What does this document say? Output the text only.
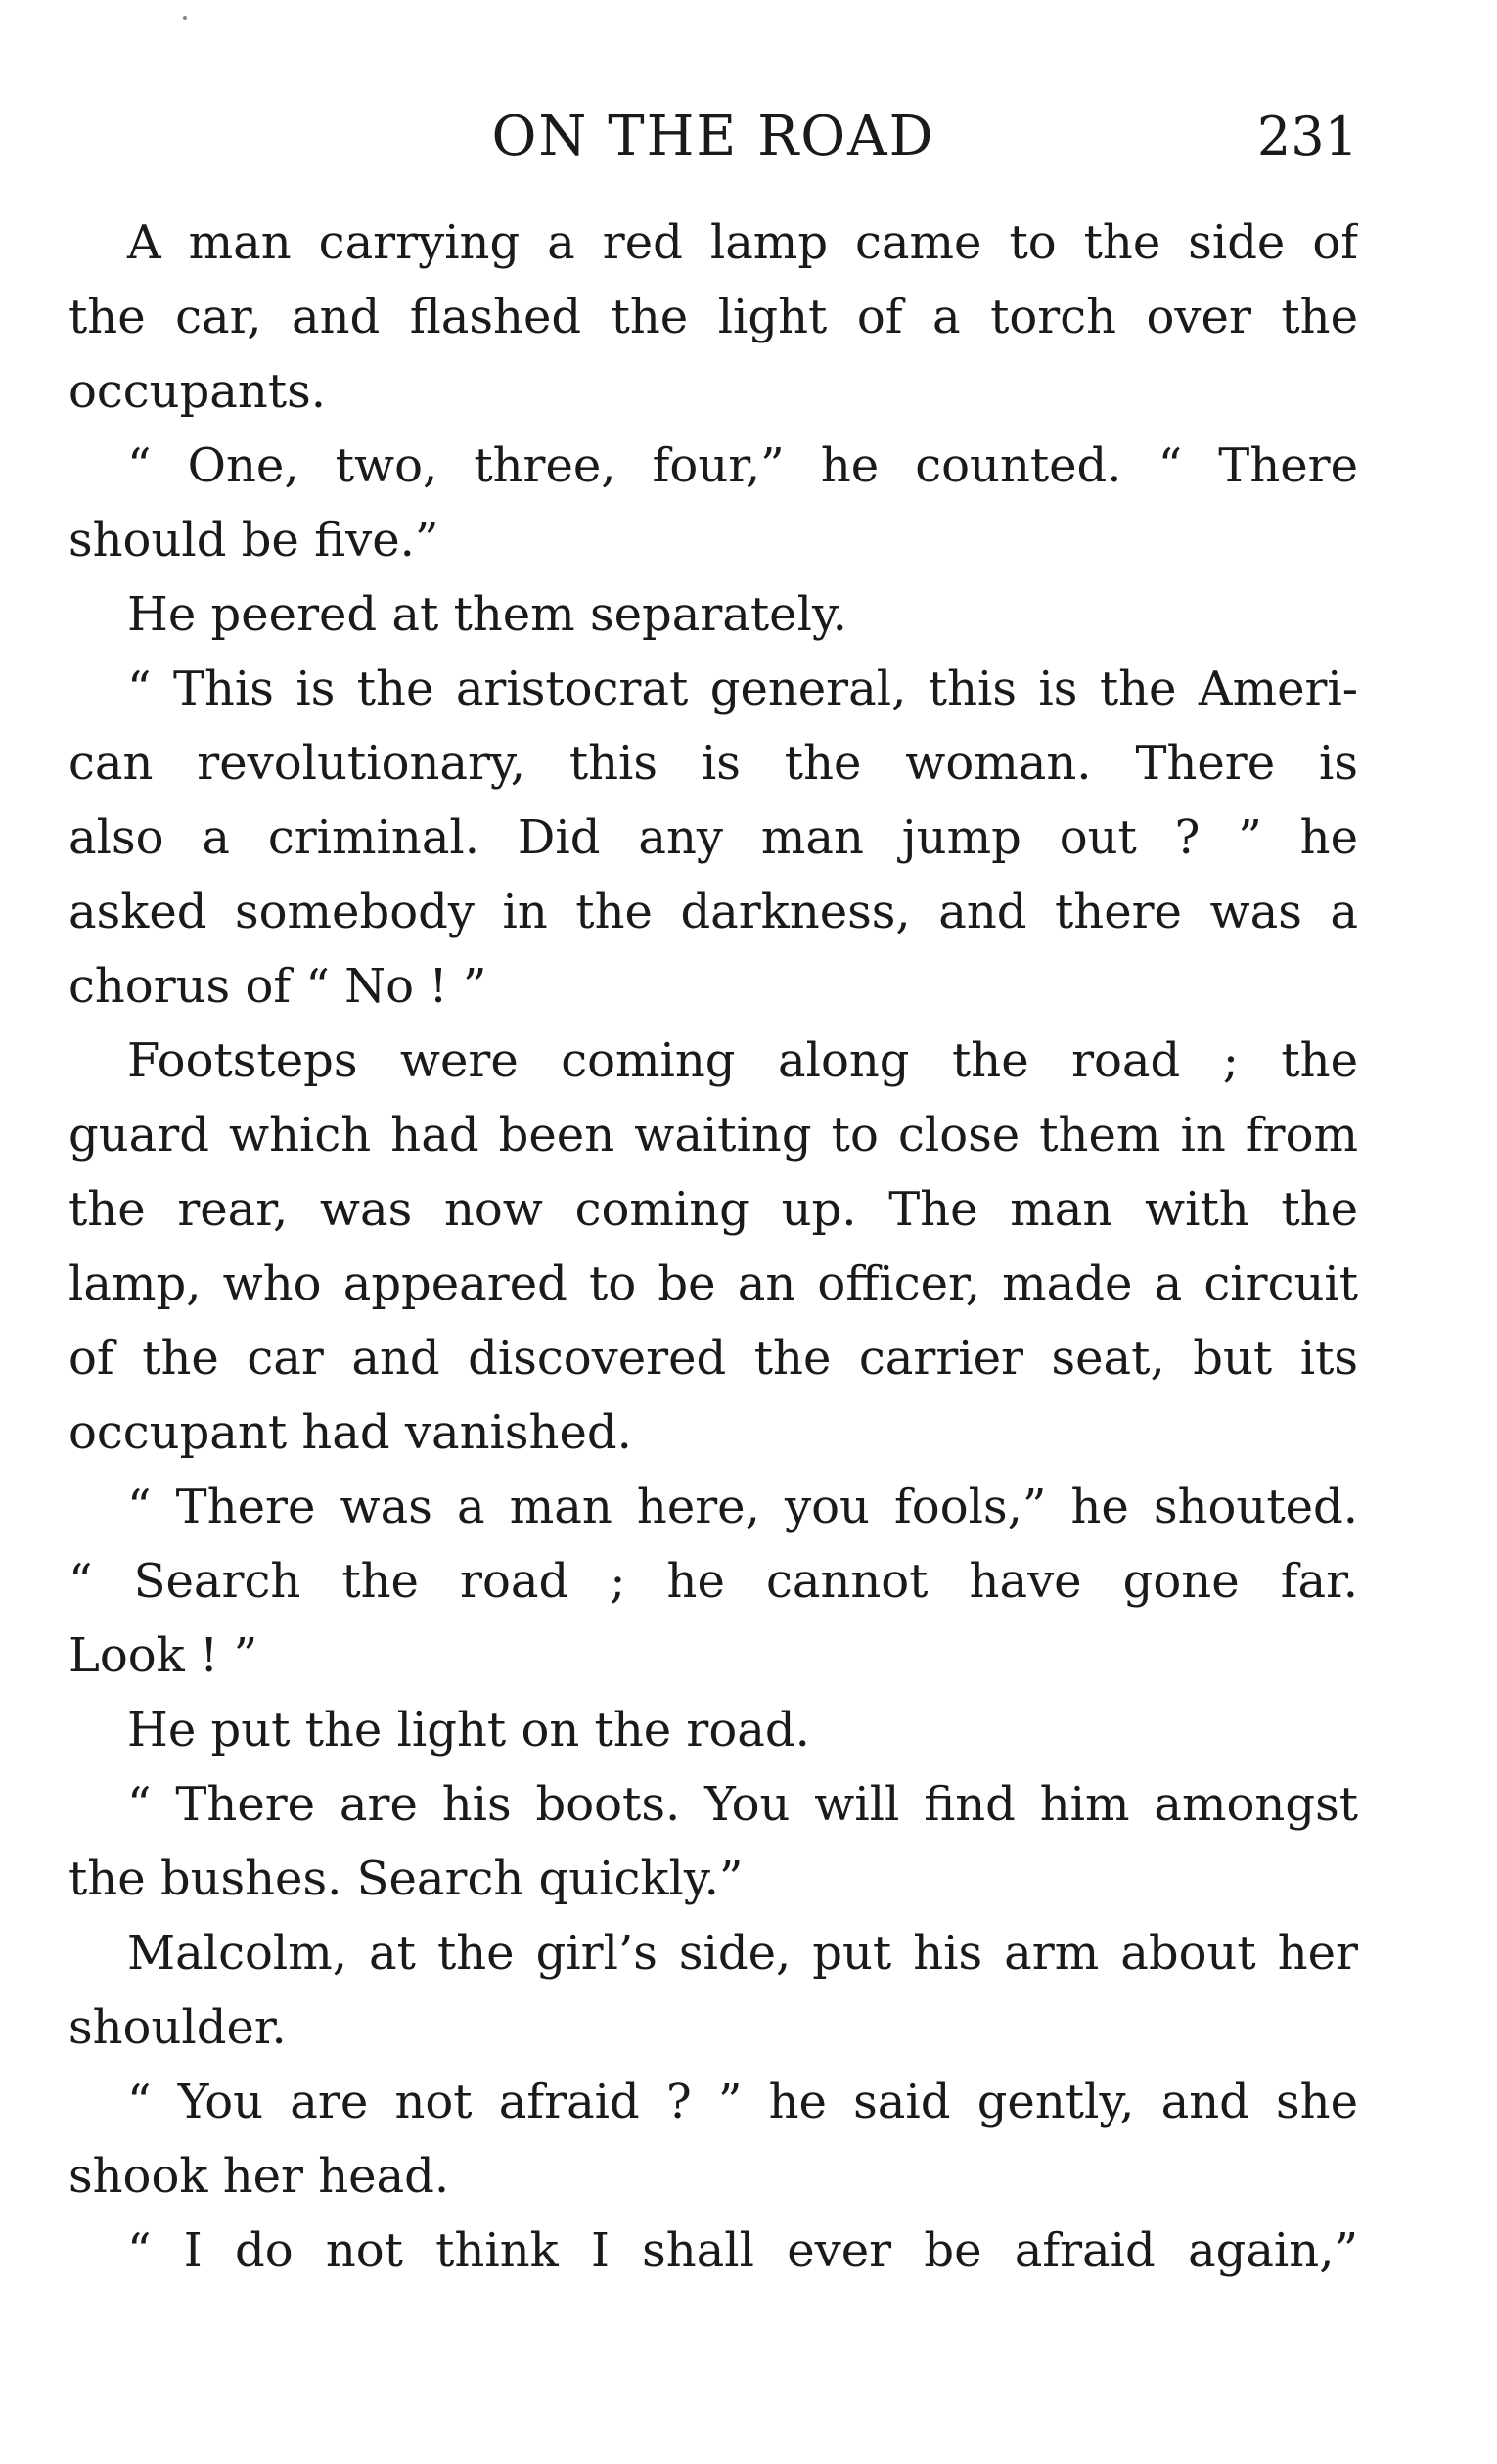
ON THE ROAD	231
A man carrying a red lamp came to the side of
the car, and flashed the light of a torch over the
occupants.
“ One, two, three, four,” he counted. “ There
should be five.”
He peered at them separately.
“ This is the aristocrat general, this is the Ameri-
can revolutionary, this is the woman. There is
also a criminal. Did any man jump out ? ” he
asked somebody in the darkness, and there was a
chorus of “ No ! ”
Footsteps were coming along the road ; the
guard which had been waiting to close them in from
the rear, was now coming up. The man with the
lamp, who appeared to be an officer, made a circuit
of the car and discovered the carrier seat, but its
occupant had vanished.
“ There was a man here, you fools,” he shouted.
“ Search the road ; he cannot have gone far.
Look ! ”
He put the light on the road.
“ There are his boots. You will find him amongst
the bushes. Search quickly.”
Malcolm, at the girl’s side, put his arm about her
shoulder.
“ You are not afraid ? ” he said gently, and she
shook her head.
“ I do not think I shall ever be afraid again,”
